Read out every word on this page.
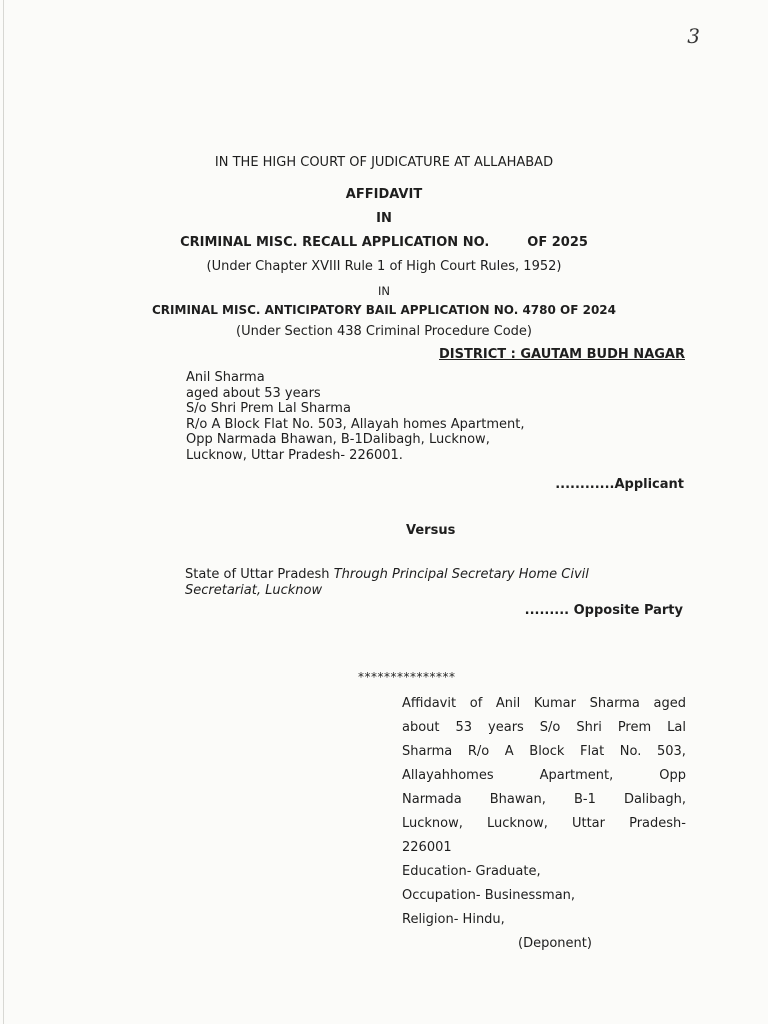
3
IN THE HIGH COURT OF JUDICATURE AT ALLAHABAD
AFFIDAVIT
IN
CRIMINAL MISC. RECALL APPLICATION NO.	OF 2025
(Under Chapter XVIII Rule 1 of High Court Rules, 1952)
IN
CRIMINAL MISC. ANTICIPATORY BAIL APPLICATION NO. 4780 OF 2024
(Under Section 438 Criminal Procedure Code)
DISTRICT : GAUTAM BUDH NAGAR
Anil Sharma
aged about 53 years
S/o Shri Prem Lal Sharma
R/o A Block Flat No. 503, Allayah homes Apartment,
Opp Narmada Bhawan, B-1Dalibagh, Lucknow,
Lucknow, Uttar Pradesh- 226001.
............Applicant
Versus
State of Uttar Pradesh Through Principal Secretary Home Civil
Secretariat, Lucknow
......... Opposite Party
***************
Affidavit of Anil Kumar Sharma aged
about 53 years S/o Shri Prem Lal
Sharma R/o A Block Flat No. 503,
Allayahhomes	Apartment,	Opp
Narmada Bhawan, B-1 Dalibagh,
Lucknow, Lucknow, Uttar Pradesh-
226001
Education- Graduate,
Occupation- Businessman,
Religion- Hindu,
(Deponent)
